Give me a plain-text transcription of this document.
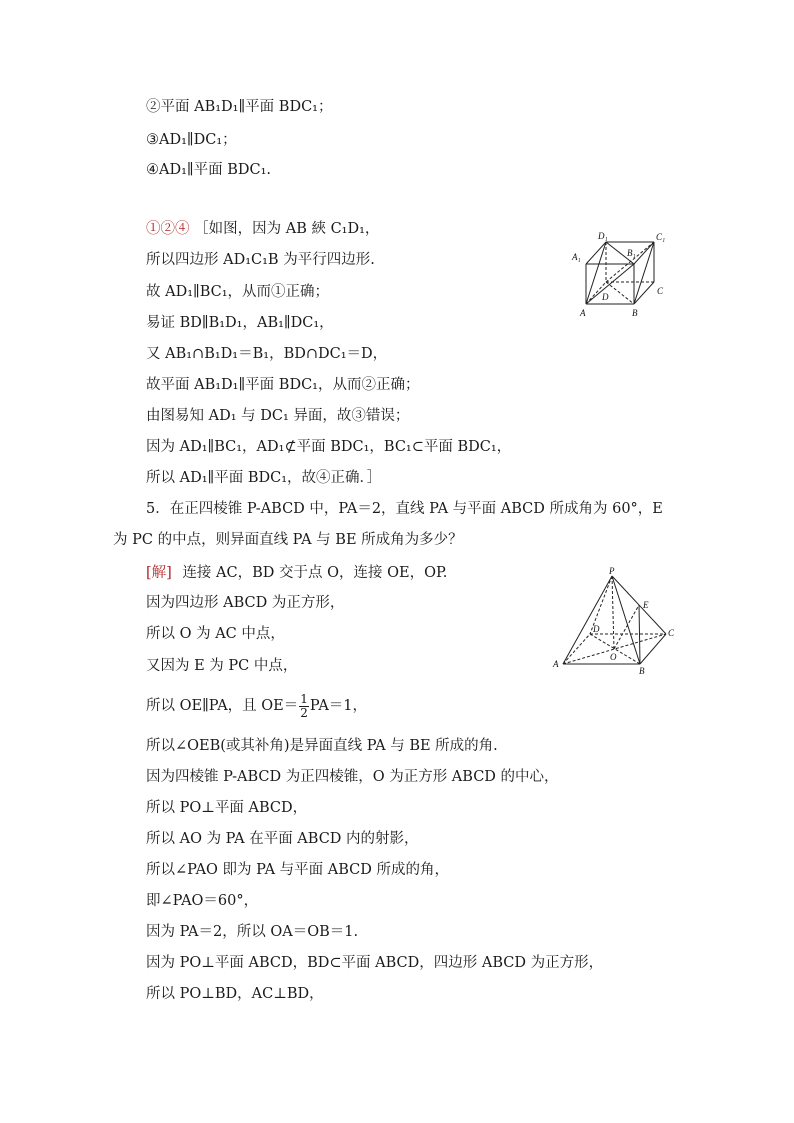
②平面 AB₁D₁∥平面 BDC₁；
③AD₁∥DC₁；
④AD₁∥平面 BDC₁.
①②④ ［如图，因为 AB 綊 C₁D₁，
所以四边形 AD₁C₁B 为平行四边形.
故 AD₁∥BC₁，从而①正确；
易证 BD∥B₁D₁，AB₁∥DC₁，
又 AB₁∩B₁D₁＝B₁，BD∩DC₁＝D，
故平面 AB₁D₁∥平面 BDC₁，从而②正确；
由图易知 AD₁ 与 DC₁ 异面，故③错误；
因为 AD₁∥BC₁，AD₁⊄平面 BDC₁，BC₁⊂平面 BDC₁，
所以 AD₁∥平面 BDC₁，故④正确．］
5．在正四棱锥 P-ABCD 中，PA＝2，直线 PA 与平面 ABCD 所成角为 60°，E
为 PC 的中点，则异面直线 PA 与 BE 所成角为多少？
[解] 连接 AC，BD 交于点 O，连接 OE，OP.
因为四边形 ABCD 为正方形，
所以 O 为 AC 中点，
又因为 E 为 PC 中点，
所以 OE∥PA，且 $OE= \frac{1}{2} PA=1$，
所以∠OEB(或其补角)是异面直线 PA 与 BE 所成的角.
因为四棱锥 P-ABCD 为正四棱锥，O 为正方形 ABCD 的中心，
所以 PO⊥平面 ABCD，
所以 AO 为 PA 在平面 ABCD 内的射影，
所以∠PAO 即为 PA 与平面 ABCD 所成的角，
即∠PAO＝60°，
因为 PA＝2，所以 OA＝OB＝1.
因为 PO⊥平面 ABCD，BD⊂平面 ABCD，四边形 ABCD 为正方形，
所以 PO⊥BD，AC⊥BD，
D₁	C₁
A₁	B₁
D
C
A	B
P
E
D	C
O
A
B
